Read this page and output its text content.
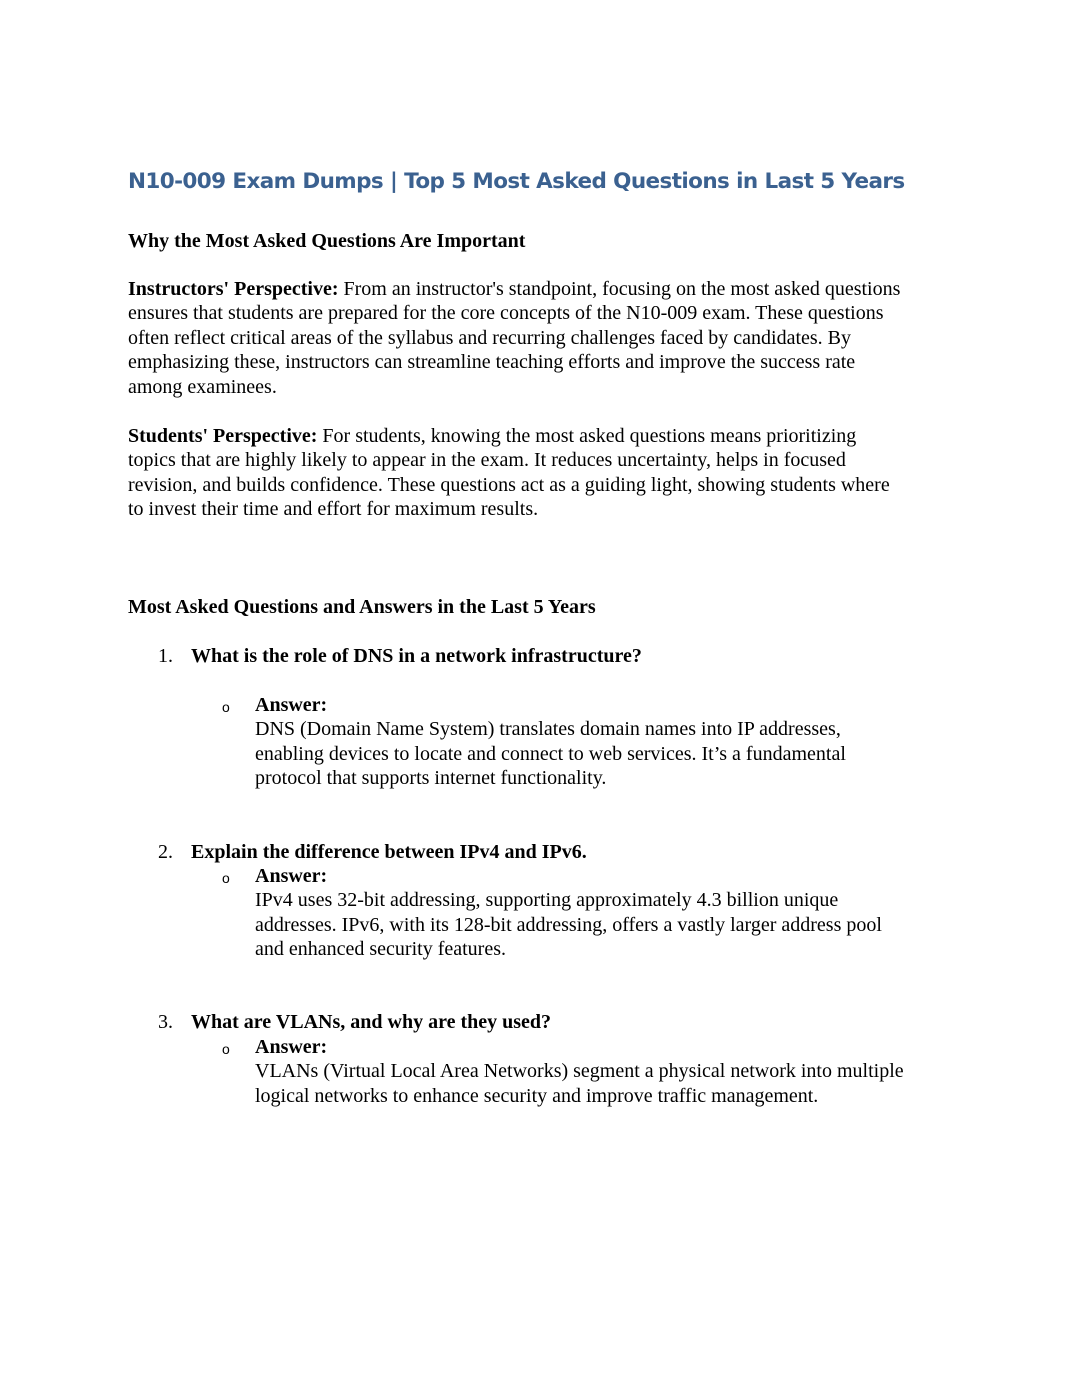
N10-009 Exam Dumps | Top 5 Most Asked Questions in Last 5 Years
Why the Most Asked Questions Are Important

Instructors' Perspective: From an instructor's standpoint, focusing on the most asked questions
ensures that students are prepared for the core concepts of the N10-009 exam. These questions
often reflect critical areas of the syllabus and recurring challenges faced by candidates. By
emphasizing these, instructors can streamline teaching efforts and improve the success rate
among examinees.

Students' Perspective: For students, knowing the most asked questions means prioritizing
topics that are highly likely to appear in the exam. It reduces uncertainty, helps in focused
revision, and builds confidence. These questions act as a guiding light, showing students where
to invest their time and effort for maximum results.

Most Asked Questions and Answers in the Last 5 Years
1. What is the role of DNS in a network infrastructure?
o Answer:
DNS (Domain Name System) translates domain names into IP addresses,
enabling devices to locate and connect to web services. It’s a fundamental
protocol that supports internet functionality.
2. Explain the difference between IPv4 and IPv6.
o Answer:
IPv4 uses 32-bit addressing, supporting approximately 4.3 billion unique
addresses. IPv6, with its 128-bit addressing, offers a vastly larger address pool
and enhanced security features.
3. What are VLANs, and why are they used?
o Answer:
VLANs (Virtual Local Area Networks) segment a physical network into multiple
logical networks to enhance security and improve traffic management.
